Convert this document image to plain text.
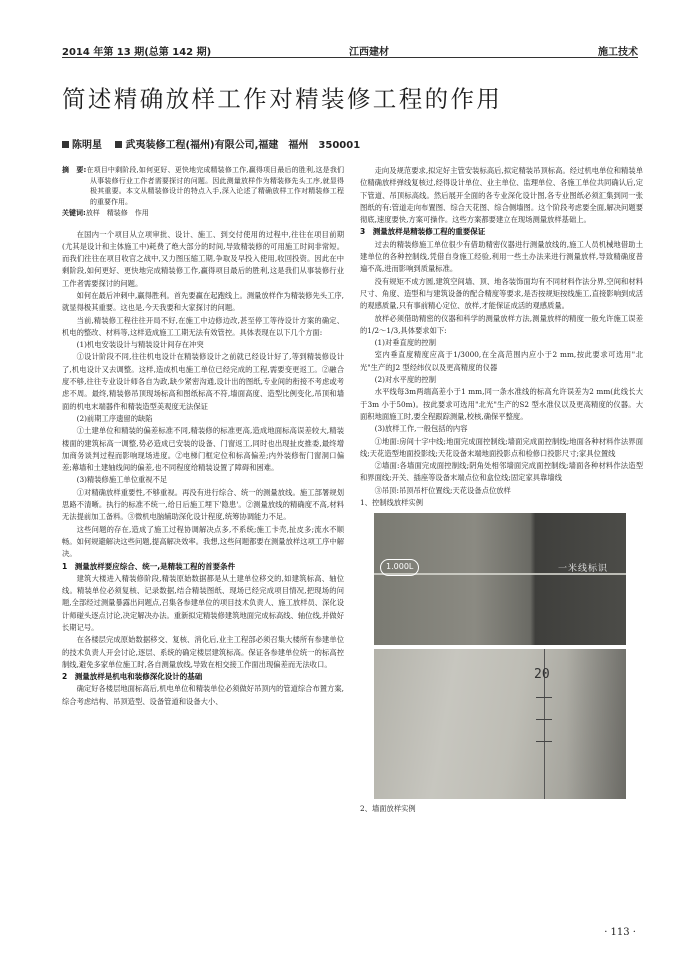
2014 年第 13 期(总第 142 期)	江西建材	施工技术
简述精确放样工作对精装修工程的作用
陈明星 武夷装修工程(福州)有限公司,福建　福州　350001
摘　要:在项目中剩阶段,如何更好、更快地完成精装修工作,赢得项目最后的胜利,这是我们从事装修行业工作者需要探讨的问题。因此测量放样作为精装修先头工序,就显得极其重要。本文从精装修设计的特点入手,深入论述了精确放样工作对精装修工程的重要作用。
关键词:放样　精装修　作用

在国内一个项目从立项审批、设计、施工、到交付使用的过程中,往往在项目前期(尤其是设计和主体施工中)耗费了绝大部分的时间,导致精装修的可用施工时间非常短。而我们往往在项目收官之战中,又力图压缩工期,争取及早投入使用,收回投资。因此在中剩阶段,如何更好、更快地完成精装修工作,赢得项目最后的胜利,这是我们从事装修行业工作者需要探讨的问题。

如何在最后冲刺中,赢得胜利。首先要赢在起跑线上。测量放样作为精装修先头工序,就显得极其重要。这也是,今天我要和大家探讨的问题。

当前,精装修工程往往开局不好,在施工中边修边改,甚至停工等待设计方案的确定、机电的整改、材料等,这样造成施工工期无法有效管控。具体表现在以下几个方面:

(1)机电安装设计与精装设计间存在冲突

①设计阶段不同,往往机电设计在精装修设计之前就已经设计好了,等到精装修设计了,机电设计又去调整。这样,造成机电施工单位已经完成的工程,需要变更返工。②融合度不够,往往专业设计师各自为政,缺少紧密沟通,设计出的图纸,专业间的衔接不考虑或考虑不周。最终,精装修吊顶现场标高和图纸标高不符,墙面高度、造型比例变化,吊顶和墙面的机电末端器件和精装造型美观度无法保证

(2)前期工序遗留的缺陷

①土建单位和精装的偏差标准不同,精装修的标准更高,造成地面标高误差较大,精装楼面的建筑标高一调整,势必造成已安装的设备、门窗返工,同时也出现扯皮推委,最终增加商务谈判过程而影响现场进度。②电梯门框定位和标高偏差;内外装修衔门窗洞口偏差;幕墙和土建轴线间的偏差,也不同程度给精装设置了障碍和困难。

(3)精装修施工单位重视不足

①对精确放样重要性,不够重视。再没有进行综合、统一的测量放线。施工部署规划思路不清晰。执行的标准不统一,给日后施工埋下'隐患'。②测量放线的精确度不高,材料无法提前加工备料。③微机电脑辅助深化设计程度,统筹协调能力不足。

这些问题的存在,造成了施工过程协调解决点多,不系统;施工卡壳,扯皮多;流水不顺畅。如何规避解决这些问题,提高解决效率。我想,这些问题都要在测量放样这项工序中解决。

1　测量放样要应综合、统一,是精装工程的首要条件

建筑大楼进入精装修阶段,精装原始数据都是从土建单位移交的,如建筑标高、轴位线。精装单位必须复核、记录数据,结合精装图纸、现场已经完成项目情况,把现场的问题,全部经过测量暴露出问题点,召集各参建单位的项目技术负责人、施工放样员、深化设计师碰头逐点讨论,决定解决办法。重新拟定精装修建筑地面完成标高线、轴位线,并做好长期记号。

在各楼层完成原始数据移交、复核、消化后,业主工程部必须召集大楼所有参建单位的技术负责人开会讨论,逐层、系统的确定楼层建筑标高。保证各参建单位统一的标高控制线,避免多家单位施工时,各自测量放线,导致在相交接工作面出现偏差而无法收口。

2　测量放样是机电和装修深化设计的基础

确定好各楼层地面标高后,机电单位和精装单位必须做好吊顶内的管道综合布置方案,综合考虑结构、吊顶造型、设备管道和设备大小、

走向及规范要求,拟定好主管安装标高后,拟定精装吊顶标高。经过机电单位和精装单位精确放样弹线复核过,经得设计单位、业主单位、监理单位、各施工单位共同确认后,定下管道、吊顶标高线。然后展开全面的各专业深化设计图,各专业图纸必须汇集到同一张图纸的有:管道走向布置图、综合天花图、综合侧墙图。这个阶段考虑要全面,解决问题要彻底,速度要快,方案可操作。这些方案都要建立在现场测量放样基础上。

3　测量放样是精装修工程的重要保证

过去的精装修施工单位很少有借助精密仪器进行测量放线的,施工人员机械地借助土建单位的各种控制线,凭借自身施工经验,利用一些土办法来进行测量放样,导致精确度普遍不高,进而影响到质量标准。

没有规矩不成方圆,建筑空间墙、顶、地各装饰面均有不同材料作法分界,空间和材料尺寸、角度、造型和与建筑设备的配合精度等要求,是否按规矩按线施工,直接影响到成活的观感质量,只有事前精心定位、放样,才能保证成活的观感质量。

放样必须借助精密的仪器和科学的测量放样方法,测量放样的精度一般允许施工误差的1/2～1/3,具体要求如下:

(1)对垂直度的控制

室内垂直度精度应高于1/3000,在全高范围内应小于2 mm,按此要求可选用"北光"生产的J2 型经纬仪以及更高精度的仪器

(2)对水平度的控制

水平线每3m两端高差小于1 mm,同一条水准线的标高允许误差为2 mm(此线长大于3m 小于50m)。按此要求可选用"北光"生产的S2 型水准仪以及更高精度的仪器。大面积地面施工时,要全程跟踪测量,校核,确保平整度。

(3)放样工作,一般包括的内容

①地面:房间十字中线;地面完成面控制线;墙面完成面控制线;地面各种材料作法界面线;天花造型地面投影线;天花设备末端地面投影点和检修口投影尺寸;家具位置线

②墙面:各墙面完成面控制线;阴角处相邻墙面完成面控制线;墙面各种材料作法造型和界面线;开关、插座等设备末端点位和盒位线;固定家具靠墙线

③吊顶:吊顶吊杆位置线;天花设备点位放样

1、控制线放样实例

1.000L	一米线标识
20

2、墙面放样实例

· 113 ·
